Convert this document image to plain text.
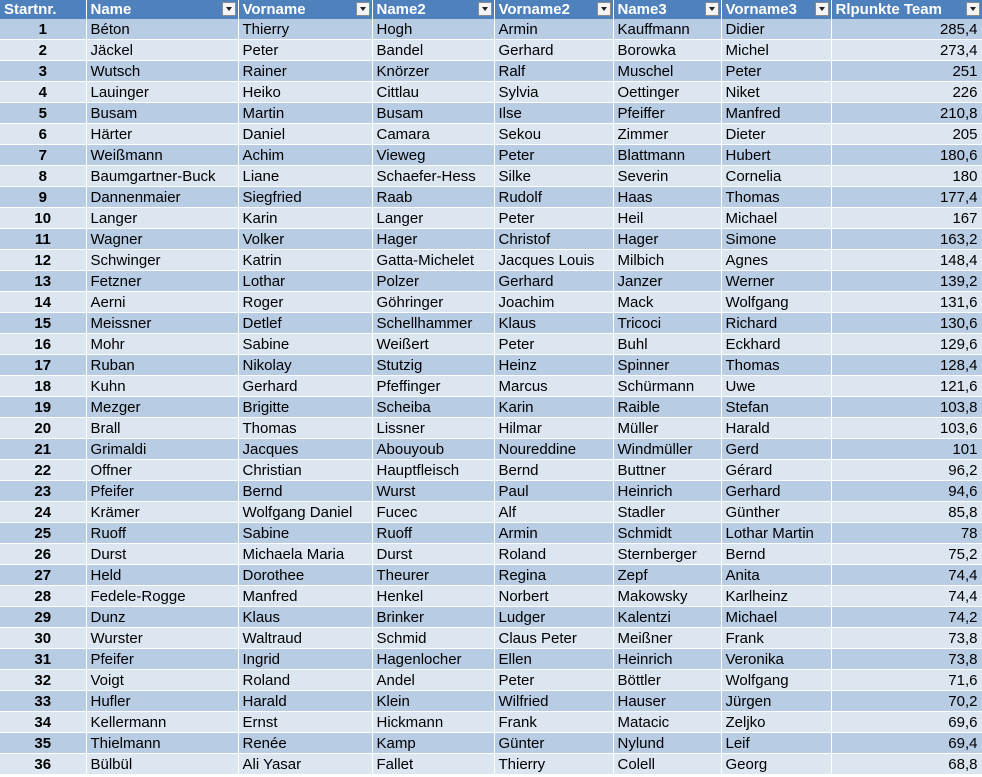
Startnr.	Name	Vorname	Name2	Vorname2	Name3	Vorname3	Rlpunkte Team

1	Béton	Thierry	Hogh	Armin	Kauffmann	Didier	285,4
2	Jäckel	Peter	Bandel	Gerhard	Borowka	Michel	273,4
3	Wutsch	Rainer	Knörzer	Ralf	Muschel	Peter	251
4	Lauinger	Heiko	Cittlau	Sylvia	Oettinger	Niket	226
5	Busam	Martin	Busam	Ilse	Pfeiffer	Manfred	210,8
6	Härter	Daniel	Camara	Sekou	Zimmer	Dieter	205
7	Weißmann	Achim	Vieweg	Peter	Blattmann	Hubert	180,6
8	Baumgartner-Buck	Liane	Schaefer-Hess	Silke	Severin	Cornelia	180
9	Dannenmaier	Siegfried	Raab	Rudolf	Haas	Thomas	177,4
10	Langer	Karin	Langer	Peter	Heil	Michael	167
11	Wagner	Volker	Hager	Christof	Hager	Simone	163,2
12	Schwinger	Katrin	Gatta-Michelet	Jacques Louis	Milbich	Agnes	148,4
13	Fetzner	Lothar	Polzer	Gerhard	Janzer	Werner	139,2
14	Aerni	Roger	Göhringer	Joachim	Mack	Wolfgang	131,6
15	Meissner	Detlef	Schellhammer	Klaus	Tricoci	Richard	130,6
16	Mohr	Sabine	Weißert	Peter	Buhl	Eckhard	129,6
17	Ruban	Nikolay	Stutzig	Heinz	Spinner	Thomas	128,4
18	Kuhn	Gerhard	Pfeffinger	Marcus	Schürmann	Uwe	121,6
19	Mezger	Brigitte	Scheiba	Karin	Raible	Stefan	103,8
20	Brall	Thomas	Lissner	Hilmar	Müller	Harald	103,6
21	Grimaldi	Jacques	Abouyoub	Noureddine	Windmüller	Gerd	101
22	Offner	Christian	Hauptfleisch	Bernd	Buttner	Gérard	96,2
23	Pfeifer	Bernd	Wurst	Paul	Heinrich	Gerhard	94,6
24	Krämer	Wolfgang Daniel	Fucec	Alf	Stadler	Günther	85,8
25	Ruoff	Sabine	Ruoff	Armin	Schmidt	Lothar Martin	78
26	Durst	Michaela Maria	Durst	Roland	Sternberger	Bernd	75,2
27	Held	Dorothee	Theurer	Regina	Zepf	Anita	74,4
28	Fedele-Rogge	Manfred	Henkel	Norbert	Makowsky	Karlheinz	74,4
29	Dunz	Klaus	Brinker	Ludger	Kalentzi	Michael	74,2
30	Wurster	Waltraud	Schmid	Claus Peter	Meißner	Frank	73,8
31	Pfeifer	Ingrid	Hagenlocher	Ellen	Heinrich	Veronika	73,8
32	Voigt	Roland	Andel	Peter	Böttler	Wolfgang	71,6
33	Hufler	Harald	Klein	Wilfried	Hauser	Jürgen	70,2
34	Kellermann	Ernst	Hickmann	Frank	Matacic	Zeljko	69,6
35	Thielmann	Renée	Kamp	Günter	Nylund	Leif	69,4
36	Bülbül	Ali Yasar	Fallet	Thierry	Colell	Georg	68,8
